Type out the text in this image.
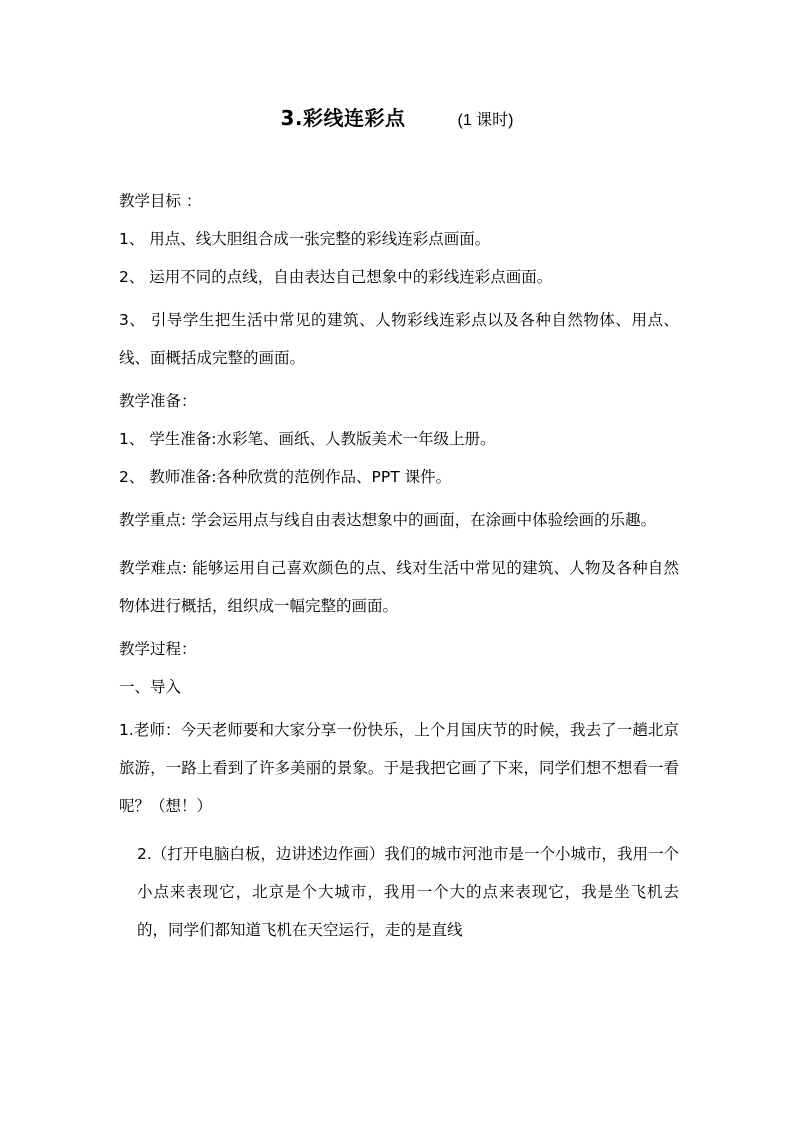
3.彩线连彩点	(1 课时)

教学目标 ：

1、 用点、线大胆组合成一张完整的彩线连彩点画面。

2、 运用不同的点线，自由表达自己想象中的彩线连彩点画面。

3、 引导学生把生活中常见的建筑、人物彩线连彩点以及各种自然物体、用点、线、面概括成完整的画面。

教学准备：

1、 学生准备:水彩笔、画纸、人教版美术一年级上册。

2、 教师准备:各种欣赏的范例作品、PPT 课件。

教学重点: 学会运用点与线自由表达想象中的画面，在涂画中体验绘画的乐趣。

教学难点: 能够运用自己喜欢颜色的点、线对生活中常见的建筑、人物及各种自然物体进行概括，组织成一幅完整的画面。

教学过程：

一、导入

1.老师：今天老师要和大家分享一份快乐，上个月国庆节的时候，我去了一趟北京旅游，一路上看到了许多美丽的景象。于是我把它画了下来，同学们想不想看一看呢？（想！）

2.（打开电脑白板，边讲述边作画）我们的城市河池市是一个小城市，我用一个小点来表现它，北京是个大城市，我用一个大的点来表现它，我是坐飞机去的，同学们都知道飞机在天空运行，走的是直线
